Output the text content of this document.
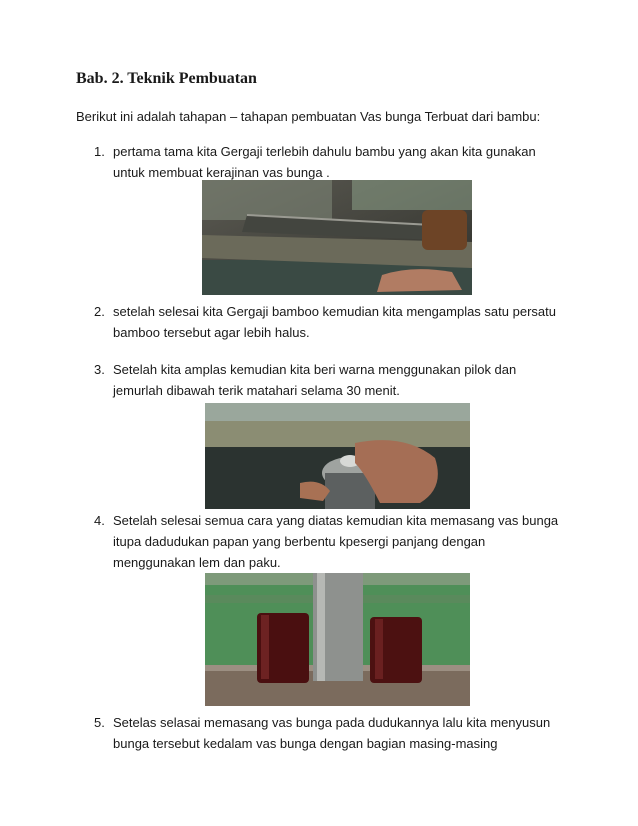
Bab. 2. Teknik Pembuatan
Berikut ini adalah tahapan – tahapan pembuatan Vas bunga Terbuat dari bambu:
1. pertama tama kita Gergaji terlebih dahulu bambu yang akan kita gunakan untuk membuat kerajinan vas bunga .
2. setelah selesai kita Gergaji bamboo kemudian kita mengamplas satu persatu bamboo tersebut agar lebih halus.
3. Setelah kita amplas kemudian kita beri warna menggunakan pilok dan jemurlah dibawah terik matahari selama 30 menit.
4. Setelah selesai semua cara yang diatas kemudian kita memasang vas bunga itupa dadudukan papan yang berbentu kpesergi panjang dengan menggunakan lem dan paku.
5. Setelas selasai memasang vas bunga pada dudukannya lalu kita menyusun bunga tersebut kedalam vas bunga dengan bagian masing-masing
